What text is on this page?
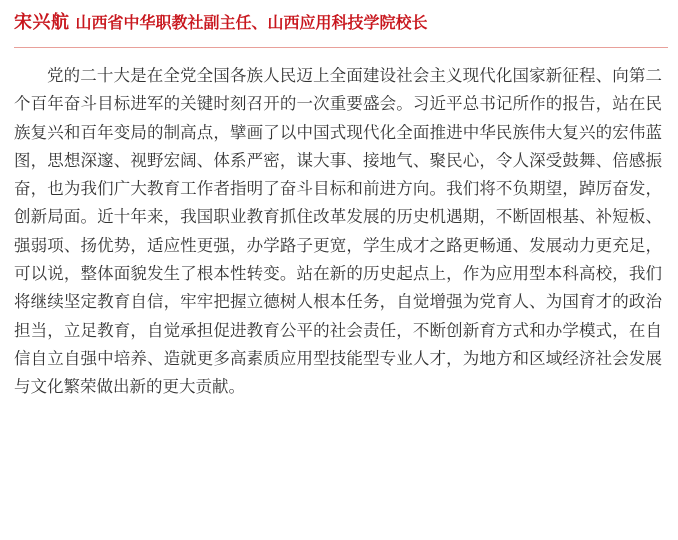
宋兴航 山西省中华职教社副主任、山西应用科技学院校长

党的二十大是在全党全国各族人民迈上全面建设社会主义现代化国家新征程、向第二个百年奋斗目标进军的关键时刻召开的一次重要盛会。习近平总书记所作的报告，站在民族复兴和百年变局的制高点，擘画了以中国式现代化全面推进中华民族伟大复兴的宏伟蓝图，思想深邃、视野宏阔、体系严密，谋大事、接地气、聚民心，令人深受鼓舞、倍感振奋，也为我们广大教育工作者指明了奋斗目标和前进方向。我们将不负期望，踔厉奋发，创新局面。近十年来，我国职业教育抓住改革发展的历史机遇期，不断固根基、补短板、强弱项、扬优势，适应性更强，办学路子更宽，学生成才之路更畅通、发展动力更充足，可以说，整体面貌发生了根本性转变。站在新的历史起点上，作为应用型本科高校，我们将继续坚定教育自信，牢牢把握立德树人根本任务，自觉增强为党育人、为国育才的政治担当，立足教育，自觉承担促进教育公平的社会责任，不断创新育方式和办学模式，在自信自立自强中培养、造就更多高素质应用型技能型专业人才，为地方和区域经济社会发展与文化繁荣做出新的更大贡献。
